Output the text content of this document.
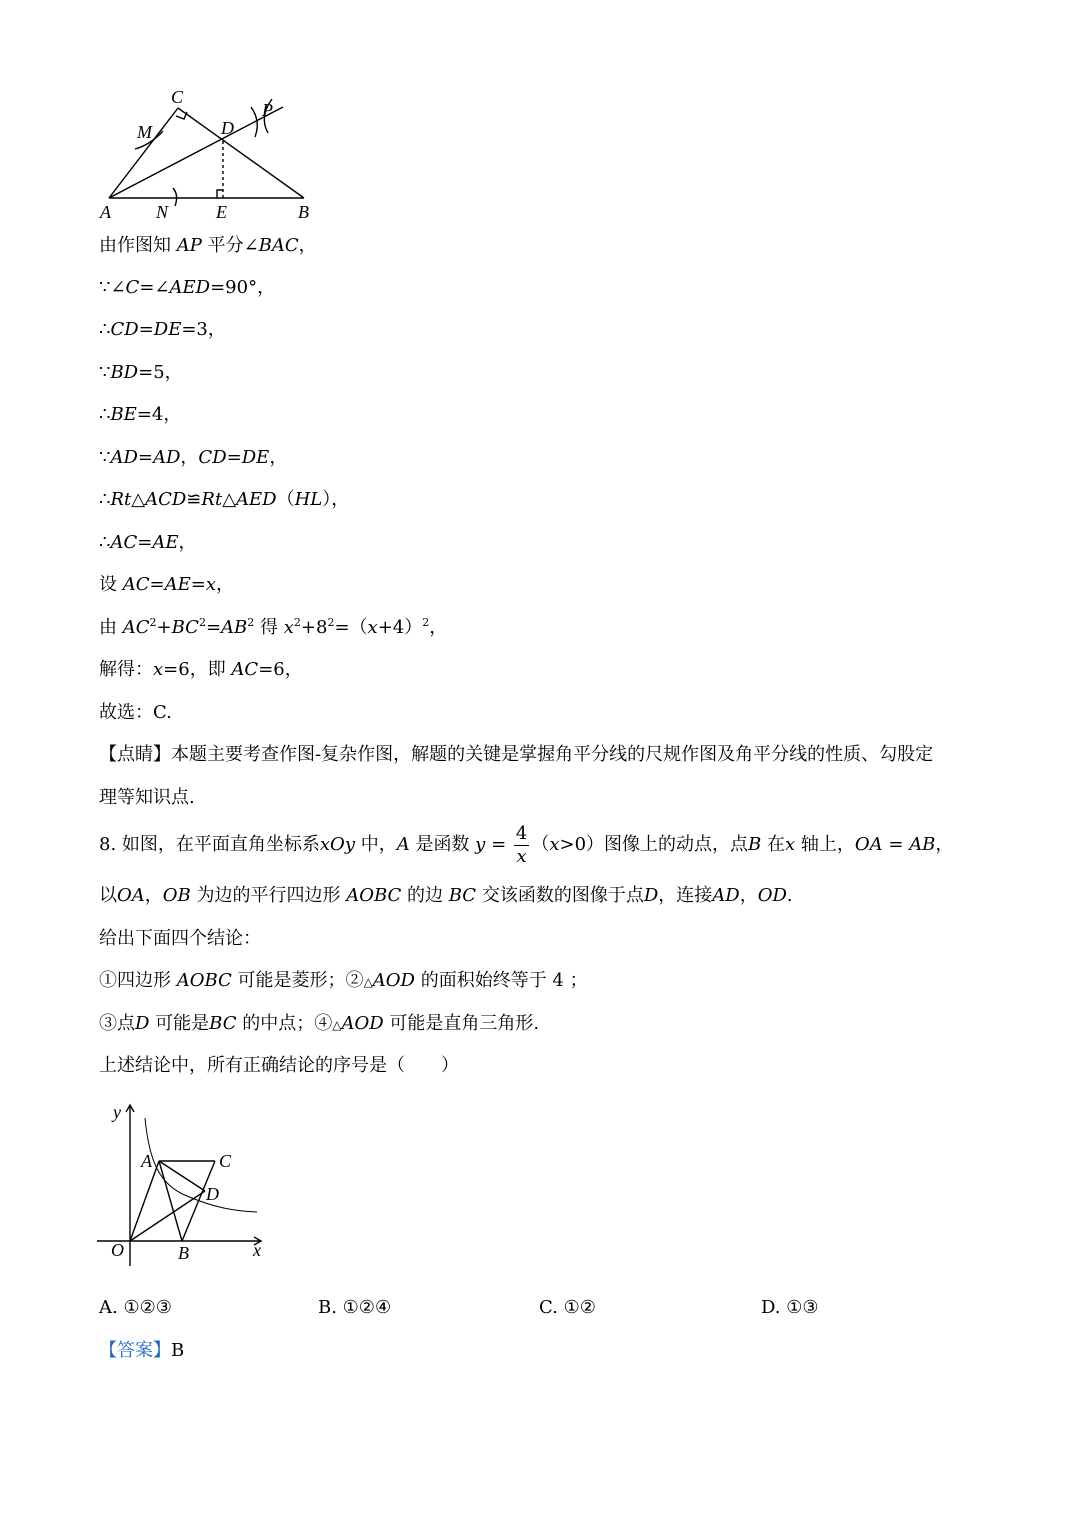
C
M	D
P
A	N	E	B
由作图知 AP 平分∠BAC，
∵∠C=∠AED=90°，
∴CD=DE=3，
∵BD=5，
∴BE=4，
∵AD=AD，CD=DE，
∴Rt△ACD≌Rt△AED（HL），
∴AC=AE，
设 AC=AE=x，
由 $AC^2+BC^2=AB^2$ 得 $x^2+8^2=(x+4)^2$，
解得：x=6，即 AC=6，
故选：C.
【点睛】本题主要考查作图-复杂作图，解题的关键是掌握角平分线的尺规作图及角平分线的性质、勾股定
理等知识点.
8. 如图，在平面直角坐标系xOy 中，A 是函数 $y = \frac{4}{x} (x>0)$图像上的动点，点B 在x 轴上，OA = AB，
以OA，OB 为边的平行四边形 AOBC 的边 BC 交该函数的图像于点D，连接AD，OD.
给出下面四个结论：
①四边形 AOBC 可能是菱形；②△AOD 的面积始终等于 4 ；
③点D 可能是BC 的中点；④△AOD 可能是直角三角形.
上述结论中，所有正确结论的序号是（　　）
y
A	C
D
O	B	x
A. ①②③	B. ①②④	C. ①②	D. ①③
【答案】B
